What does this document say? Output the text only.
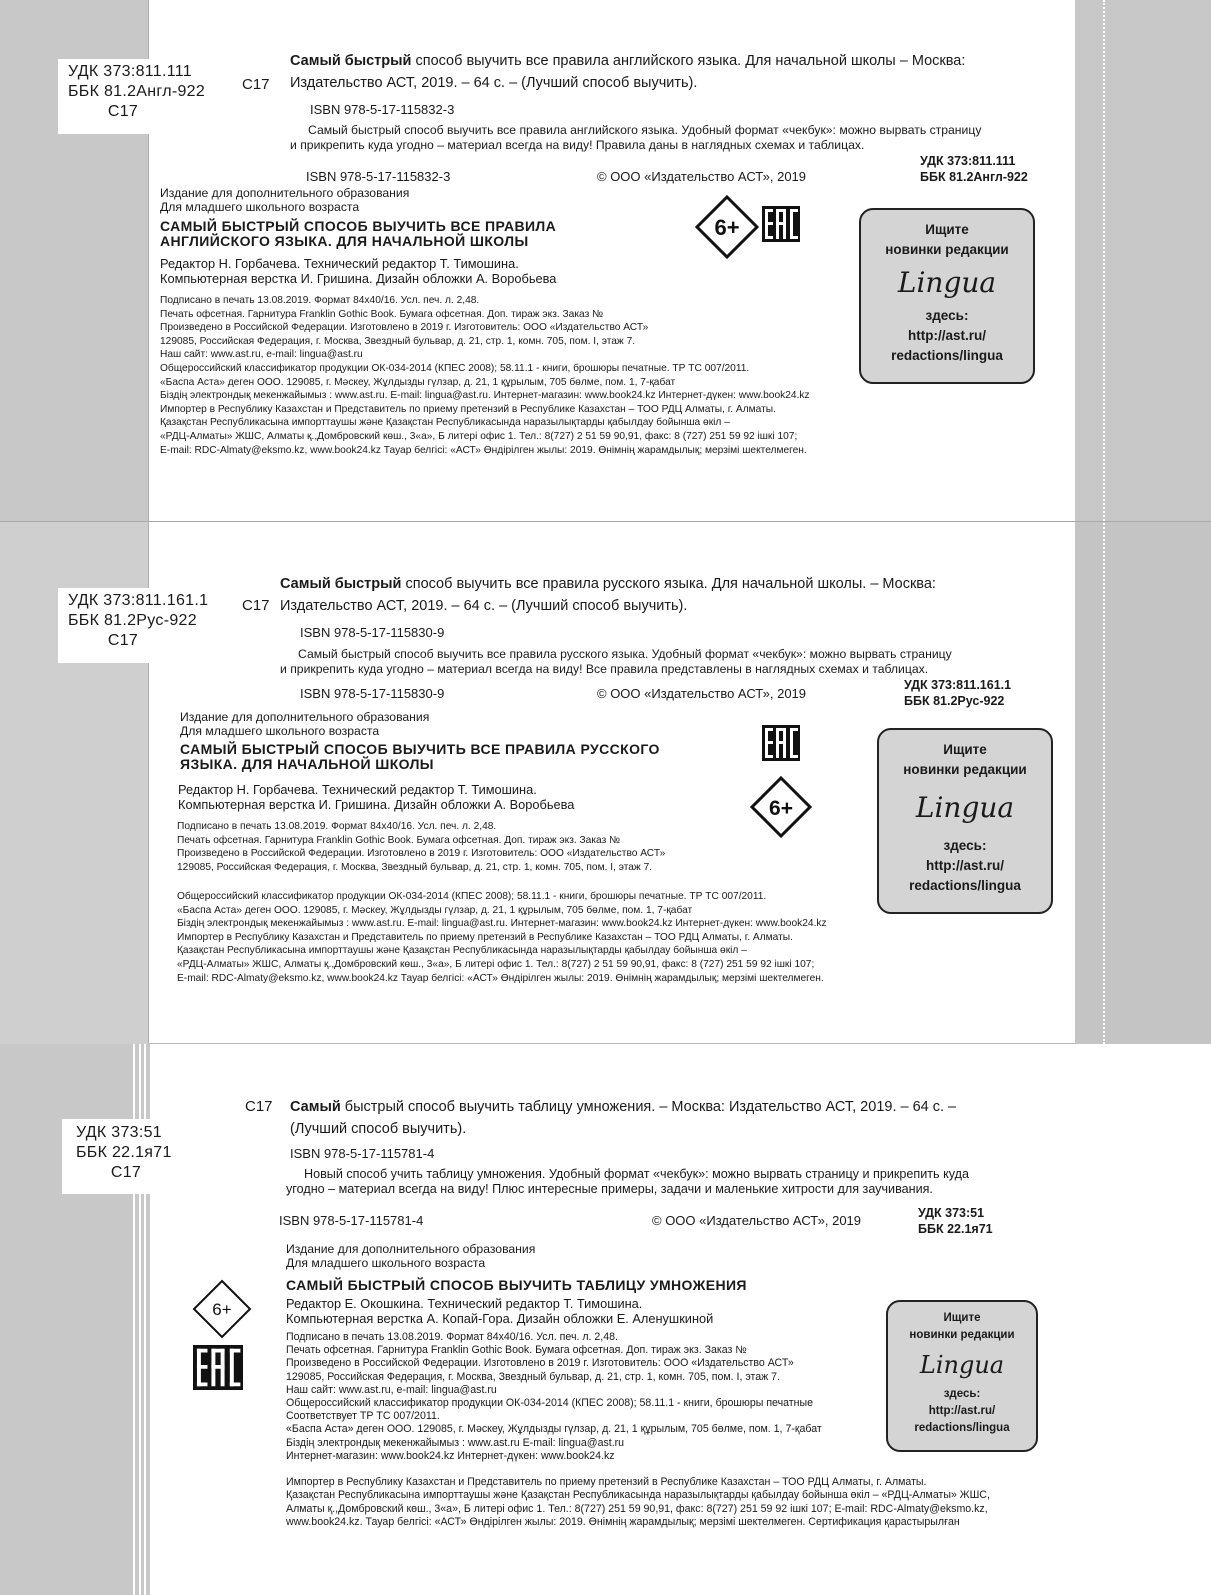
УДК 373:811.111
ББК 81.2Англ-922

С17
С17
Самый быстрый способ выучить все правила английского языка. Для начальной школы – Москва:
Издательство АСТ, 2019. – 64 с. – (Лучший способ выучить).
ISBN 978-5-17-115832-3
Самый быстрый способ выучить все правила английского языка. Удобный формат «чекбук»: можно вырвать страницу
и прикрепить куда угодно – материал всегда на виду! Правила даны в наглядных схемах и таблицах.
УДК 373:811.111
ББК 81.2Англ-922
ISBN 978-5-17-115832-3	© ООО «Издательство АСТ», 2019
Издание для дополнительного образования
Для младшего школьного возраста
САМЫЙ БЫСТРЫЙ СПОСОБ ВЫУЧИТЬ ВСЕ ПРАВИЛА
АНГЛИЙСКОГО ЯЗЫКА. ДЛЯ НАЧАЛЬНОЙ ШКОЛЫ
Редактор Н. Горбачева. Технический редактор Т. Тимошина.
Компьютерная верстка И. Гришина. Дизайн обложки А. Воробьева
Подписано в печать 13.08.2019. Формат 84х40/16. Усл. печ. л. 2,48.
Печать офсетная. Гарнитура Franklin Gothic Book. Бумага офсетная. Доп. тираж экз. Заказ №
Произведено в Российской Федерации. Изготовлено в 2019 г. Изготовитель: ООО «Издательство АСТ»
129085, Российская Федерация, г. Москва, Звездный бульвар, д. 21, стр. 1, комн. 705, пом. I, этаж 7.
Наш сайт: www.ast.ru, e-mail: lingua@ast.ru
Общероссийский классификатор продукции ОК-034-2014 (КПЕС 2008); 58.11.1 - книги, брошюры печатные. ТР ТС 007/2011.
«Баспа Аста» деген ООО. 129085, г. Мәскеу, Жұлдызды гүлзар, д. 21, 1 құрылым, 705 бөлме, пом. 1, 7-қабат
Біздің электрондық мекенжайымыз : www.ast.ru. E-mail: lingua@ast.ru. Интернет-магазин: www.book24.kz Интернет-дүкен: www.book24.kz
Импортер в Республику Казахстан и Представитель по приему претензий в Республике Казахстан – ТОО РДЦ Алматы, г. Алматы.
Қазақстан Республикасына импорттаушы және Қазақстан Республикасында наразылықтарды қабылдау бойынша өкіл –
«РДЦ-Алматы» ЖШС, Алматы қ.,Домбровский көш., 3«а», Б литері офис 1. Тел.: 8(727) 2 51 59 90,91, факс: 8 (727) 251 59 92 ішкі 107;
E-mail: RDC-Almaty@eksmo.kz, www.book24.kz Тауар белгісі: «АСТ» Өндірілген жылы: 2019. Өнімнің жарамдылық; мерзімі шектелмеген.
6+	Ищите
новинки редакции
Lingua
здесь:
http://ast.ru/
redactions/lingua
УДК 373:811.161.1
ББК 81.2Рус-922

С17
С17
Самый быстрый способ выучить все правила русского языка. Для начальной школы. – Москва:
Издательство АСТ, 2019. – 64 с. – (Лучший способ выучить).
ISBN 978-5-17-115830-9
Самый быстрый способ выучить все правила русского языка. Удобный формат «чекбук»: можно вырвать страницу
и прикрепить куда угодно – материал всегда на виду! Все правила представлены в наглядных схемах и таблицах.
УДК 373:811.161.1
ББК 81.2Рус-922
ISBN 978-5-17-115830-9	© ООО «Издательство АСТ», 2019
Издание для дополнительного образования
Для младшего школьного возраста
САМЫЙ БЫСТРЫЙ СПОСОБ ВЫУЧИТЬ ВСЕ ПРАВИЛА РУССКОГО
ЯЗЫКА. ДЛЯ НАЧАЛЬНОЙ ШКОЛЫ
Редактор Н. Горбачева. Технический редактор Т. Тимошина.
Компьютерная верстка И. Гришина. Дизайн обложки А. Воробьева
Подписано в печать 13.08.2019. Формат 84х40/16. Усл. печ. л. 2,48.
Печать офсетная. Гарнитура Franklin Gothic Book. Бумага офсетная. Доп. тираж экз. Заказ №
Произведено в Российской Федерации. Изготовлено в 2019 г. Изготовитель: ООО «Издательство АСТ»
129085, Российская Федерация, г. Москва, Звездный бульвар, д. 21, стр. 1, комн. 705, пом. I, этаж 7.
Общероссийский классификатор продукции ОК-034-2014 (КПЕС 2008); 58.11.1 - книги, брошюры печатные. ТР ТС 007/2011.
«Баспа Аста» деген ООО. 129085, г. Мәскеу, Жұлдызды гүлзар, д. 21, 1 құрылым, 705 бөлме, пом. 1, 7-қабат
Біздің электрондық мекенжайымыз : www.ast.ru. E-mail: lingua@ast.ru. Интернет-магазин: www.book24.kz Интернет-дүкен: www.book24.kz
Импортер в Республику Казахстан и Представитель по приему претензий в Республике Казахстан – ТОО РДЦ Алматы, г. Алматы.
Қазақстан Республикасына импорттаушы және Қазақстан Республикасында наразылықтарды қабылдау бойынша өкіл –
«РДЦ-Алматы» ЖШС, Алматы қ.,Домбровский көш., 3«а», Б литері офис 1. Тел.: 8(727) 2 51 59 90,91, факс: 8 (727) 251 59 92 ішкі 107;
E-mail: RDC-Almaty@eksmo.kz, www.book24.kz Тауар белгісі: «АСТ» Өндірілген жылы: 2019. Өнімнің жарамдылық; мерзімі шектелмеген.
6+
Ищите
новинки редакции
Lingua
здесь:
http://ast.ru/
redactions/lingua
УДК 373:51
ББК 22.1я71

С17
С17 Самый быстрый способ выучить таблицу умножения. – Москва: Издательство АСТ, 2019. – 64 с. –
(Лучший способ выучить).
ISBN 978-5-17-115781-4
Новый способ учить таблицу умножения. Удобный формат «чекбук»: можно вырвать страницу и прикрепить куда
угодно – материал всегда на виду! Плюс интересные примеры, задачи и маленькие хитрости для заучивания.
ISBN 978-5-17-115781-4	© ООО «Издательство АСТ», 2019	УДК 373:51
ББК 22.1я71
Издание для дополнительного образования
Для младшего школьного возраста
САМЫЙ БЫСТРЫЙ СПОСОБ ВЫУЧИТЬ ТАБЛИЦУ УМНОЖЕНИЯ
Редактор Е. Окошкина. Технический редактор Т. Тимошина.
Компьютерная верстка А. Копай-Гора. Дизайн обложки Е. Аленушкиной
Подписано в печать 13.08.2019. Формат 84х40/16. Усл. печ. л. 2,48.
Печать офсетная. Гарнитура Franklin Gothic Book. Бумага офсетная. Доп. тираж экз. Заказ №
Произведено в Российской Федерации. Изготовлено в 2019 г. Изготовитель: ООО «Издательство АСТ»
129085, Российская Федерация, г. Москва, Звездный бульвар, д. 21, стр. 1, комн. 705, пом. I, этаж 7.
Наш сайт: www.ast.ru, e-mail: lingua@ast.ru
Общероссийский классификатор продукции ОК-034-2014 (КПЕС 2008); 58.11.1 - книги, брошюры печатные
Соответствует ТР ТС 007/2011.
«Баспа Аста» деген ООО. 129085, г. Мәскеу, Жұлдызды гүлзар, д. 21, 1 құрылым, 705 бөлме, пом. 1, 7-қабат
Біздің электрондық мекенжайымыз : www.ast.ru E-mail: lingua@ast.ru
Интернет-магазин: www.book24.kz Интернет-дүкен: www.book24.kz
Импортер в Республику Казахстан и Представитель по приему претензий в Республике Казахстан – ТОО РДЦ Алматы, г. Алматы.
Қазақстан Республикасына импорттаушы және Қазақстан Республикасында наразылықтарды қабылдау бойынша өкіл – «РДЦ-Алматы» ЖШС,
Алматы қ.,Домбровский көш., 3«а», Б литері офис 1. Тел.: 8(727) 251 59 90,91, факс: 8(727) 251 59 92 ішкі 107; E-mail: RDC-Almaty@eksmo.kz,
www.book24.kz. Тауар белгісі: «АСТ» Өндірілген жылы: 2019. Өнімнің жарамдылық; мерзімі шектелмеген. Сертификация қарастырылған
6+	Ищите
новинки редакции
Lingua
здесь:
http://ast.ru/
redactions/lingua
